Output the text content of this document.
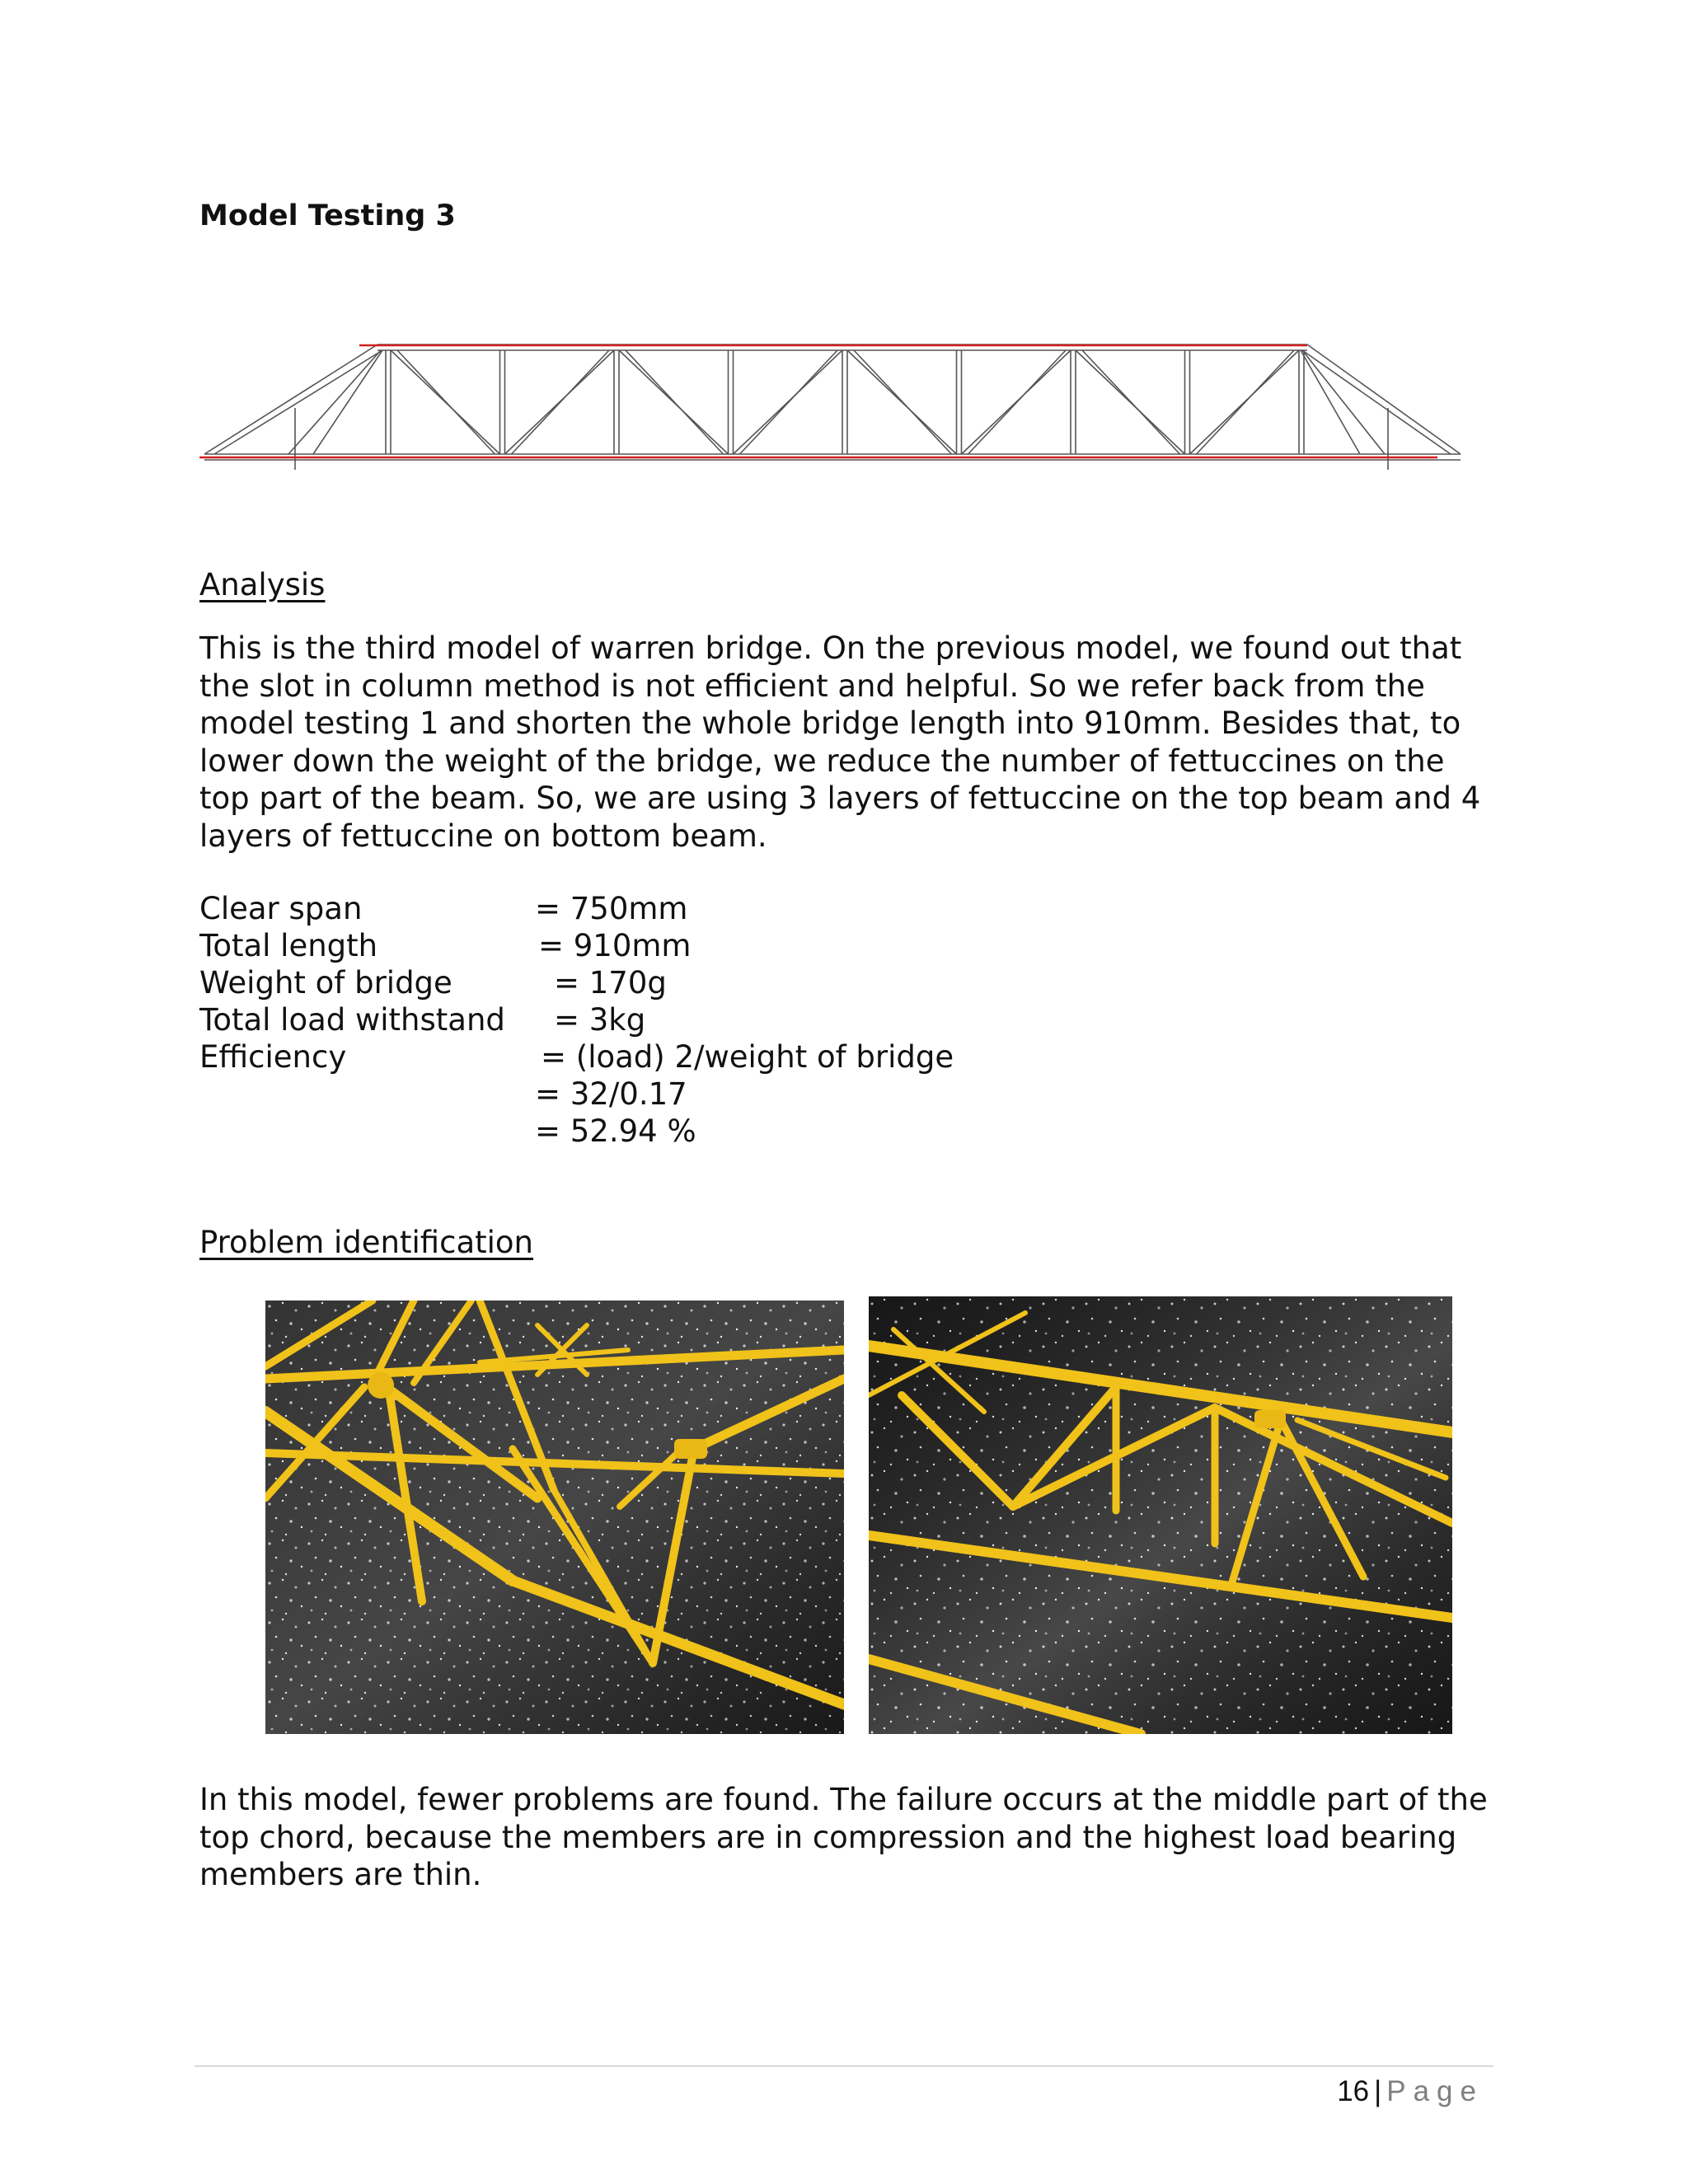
Model Testing 3
Analysis

This is the third model of warren bridge. On the previous model, we found out that the slot in column method is not efficient and helpful. So we refer back from the model testing 1 and shorten the whole bridge length into 910mm. Besides that, to lower down the weight of the bridge, we reduce the number of fettuccines on the top part of the beam. So, we are using 3 layers of fettuccine on the top beam and 4 layers of fettuccine on bottom beam.

Clear span

	= 750mm

Total length

	= 910mm

Weight of bridge

	= 170g

Total load withstand

= 3kg

Efficiency

	= (load) 2/weight of bridge

= 32/0.17

= 52.94 %

Problem identification

In this model, fewer problems are found. The failure occurs at the middle part of the top chord, because the members are in compression and the highest load bearing members are thin.

16 | Page
